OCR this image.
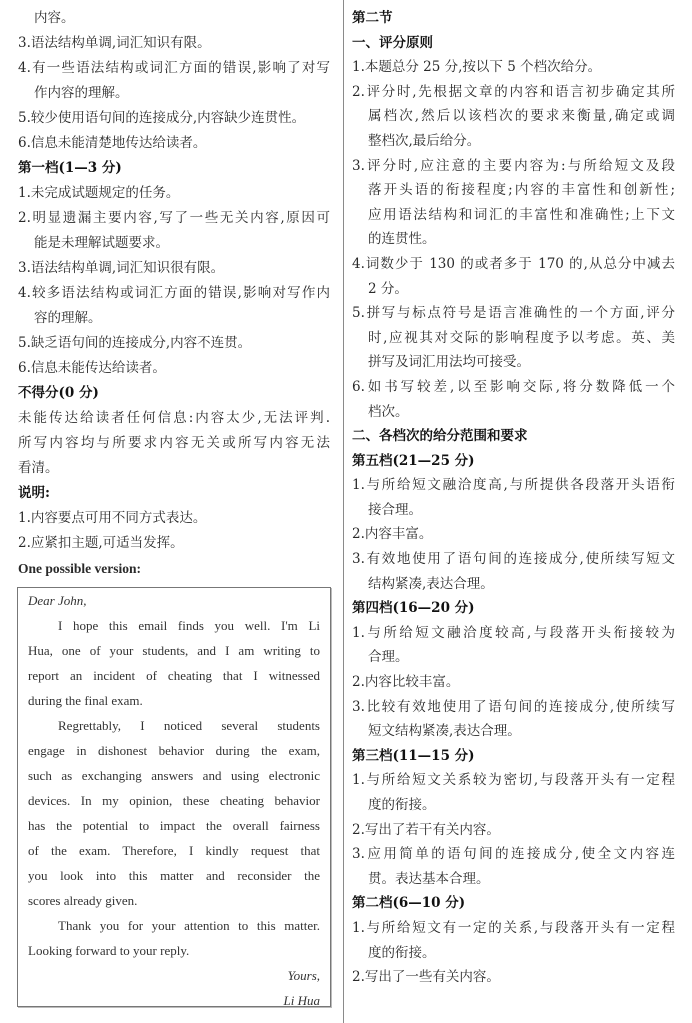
内容。
3.语法结构单调,词汇知识有限。
4.有一些语法结构或词汇方面的错误,影响了对写
作内容的理解。
5.较少使用语句间的连接成分,内容缺少连贯性。
6.信息未能清楚地传达给读者。
第一档(1—3 分)
1.未完成试题规定的任务。
2.明显遗漏主要内容,写了一些无关内容,原因可
能是未理解试题要求。
3.语法结构单调,词汇知识很有限。
4.较多语法结构或词汇方面的错误,影响对写作内
容的理解。
5.缺乏语句间的连接成分,内容不连贯。
6.信息未能传达给读者。
不得分(0 分)
未能传达给读者任何信息:内容太少,无法评判.
所写内容均与所要求内容无关或所写内容无法
看清。
说明:
1.内容要点可用不同方式表达。
2.应紧扣主题,可适当发挥。
One possible version:
第二节
一、评分原则
1.本题总分 25 分,按以下 5 个档次给分。
2.评分时,先根据文章的内容和语言初步确定其所
属档次,然后以该档次的要求来衡量,确定或调
整档次,最后给分。
3.评分时,应注意的主要内容为:与所给短文及段
落开头语的衔接程度;内容的丰富性和创新性;
应用语法结构和词汇的丰富性和准确性;上下文
的连贯性。
4.词数少于 130 的或者多于 170 的,从总分中减去
2 分。
5.拼写与标点符号是语言准确性的一个方面,评分
时,应视其对交际的影响程度予以考虑。英、美
拼写及词汇用法均可接受。
6.如书写较差,以至影响交际,将分数降低一个
档次。
二、各档次的给分范围和要求
第五档(21—25 分)
1.与所给短文融洽度高,与所提供各段落开头语衔
接合理。
2.内容丰富。
3.有效地使用了语句间的连接成分,使所续写短文
结构紧凑,表达合理。
第四档(16—20 分)
1.与所给短文融洽度较高,与段落开头衔接较为
合理。
2.内容比较丰富。
3.比较有效地使用了语句间的连接成分,使所续写
短文结构紧凑,表达合理。
第三档(11—15 分)
1.与所给短文关系较为密切,与段落开头有一定程
度的衔接。
2.写出了若干有关内容。
3.应用简单的语句间的连接成分,使全文内容连
贯。表达基本合理。
第二档(6—10 分)
1.与所给短文有一定的关系,与段落开头有一定程
度的衔接。
2.写出了一些有关内容。
Dear John,
I hope this email finds you well. I'm Li
Hua, one of your students, and I am writing to
report an incident of cheating that I witnessed
during the final exam.
Regrettably, I noticed several students
engage in dishonest behavior during the exam,
such as exchanging answers and using electronic
devices. In my opinion, these cheating behavior
has the potential to impact the overall fairness
of the exam. Therefore, I kindly request that
you look into this matter and reconsider the
scores already given.
Thank you for your attention to this matter.
Looking forward to your reply.
Yours,
Li Hua
